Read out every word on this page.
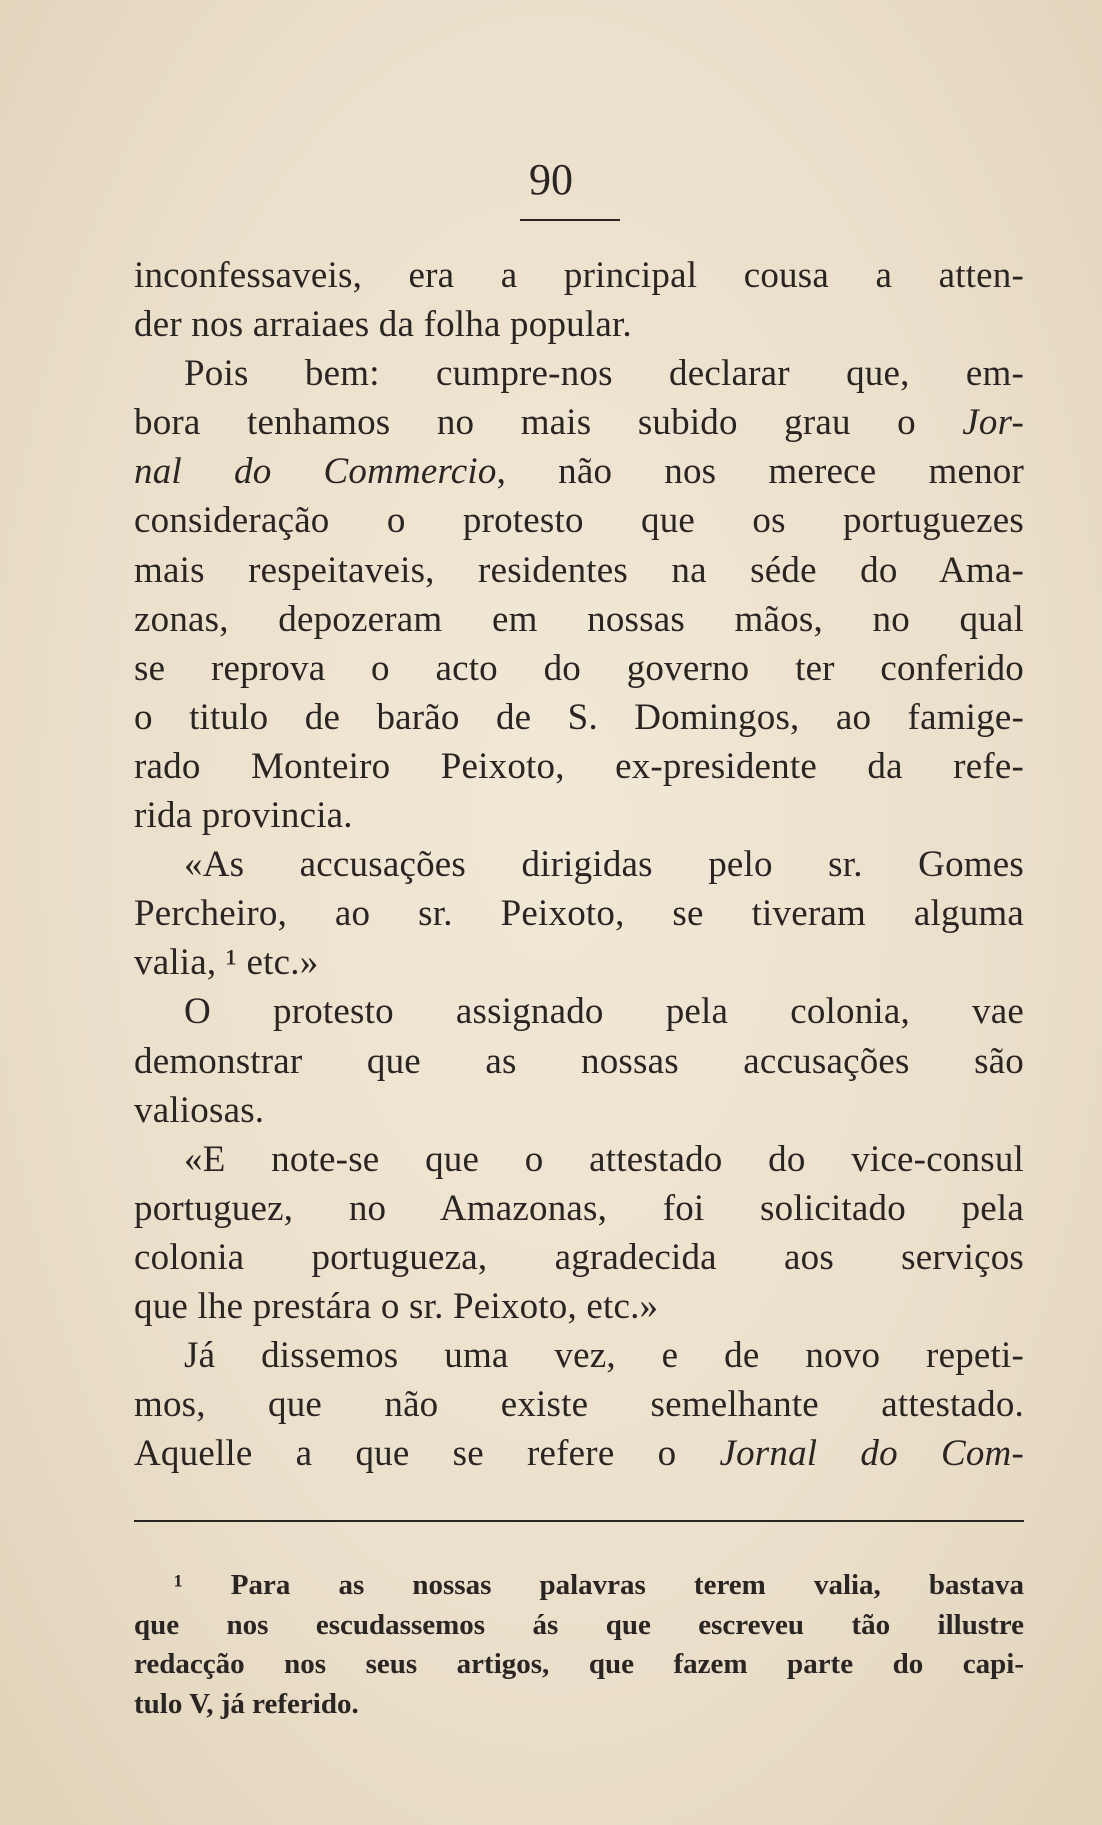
90
inconfessaveis, era a principal cousa a atten-
der nos arraiaes da folha popular.
Pois bem: cumpre-nos declarar que, em-
bora tenhamos no mais subido grau o Jor-
nal do Commercio, não nos merece menor
consideração o protesto que os portuguezes
mais respeitaveis, residentes na séde do Ama-
zonas, depozeram em nossas mãos, no qual
se reprova o acto do governo ter conferido
o titulo de barão de S. Domingos, ao famige-
rado Monteiro Peixoto, ex-presidente da refe-
rida provincia.
«As accusações dirigidas pelo sr. Gomes
Percheiro, ao sr. Peixoto, se tiveram alguma
valia, ¹ etc.»
O protesto assignado pela colonia, vae
demonstrar que as nossas accusações são
valiosas.
«E note-se que o attestado do vice-consul
portuguez, no Amazonas, foi solicitado pela
colonia portugueza, agradecida aos serviços
que lhe prestára o sr. Peixoto, etc.»
Já dissemos uma vez, e de novo repeti-
mos, que não existe semelhante attestado.
Aquelle a que se refere o Jornal do Com-
¹ Para as nossas palavras terem valia, bastava
que nos escudassemos ás que escreveu tão illustre
redacção nos seus artigos, que fazem parte do capi-
tulo V, já referido.
